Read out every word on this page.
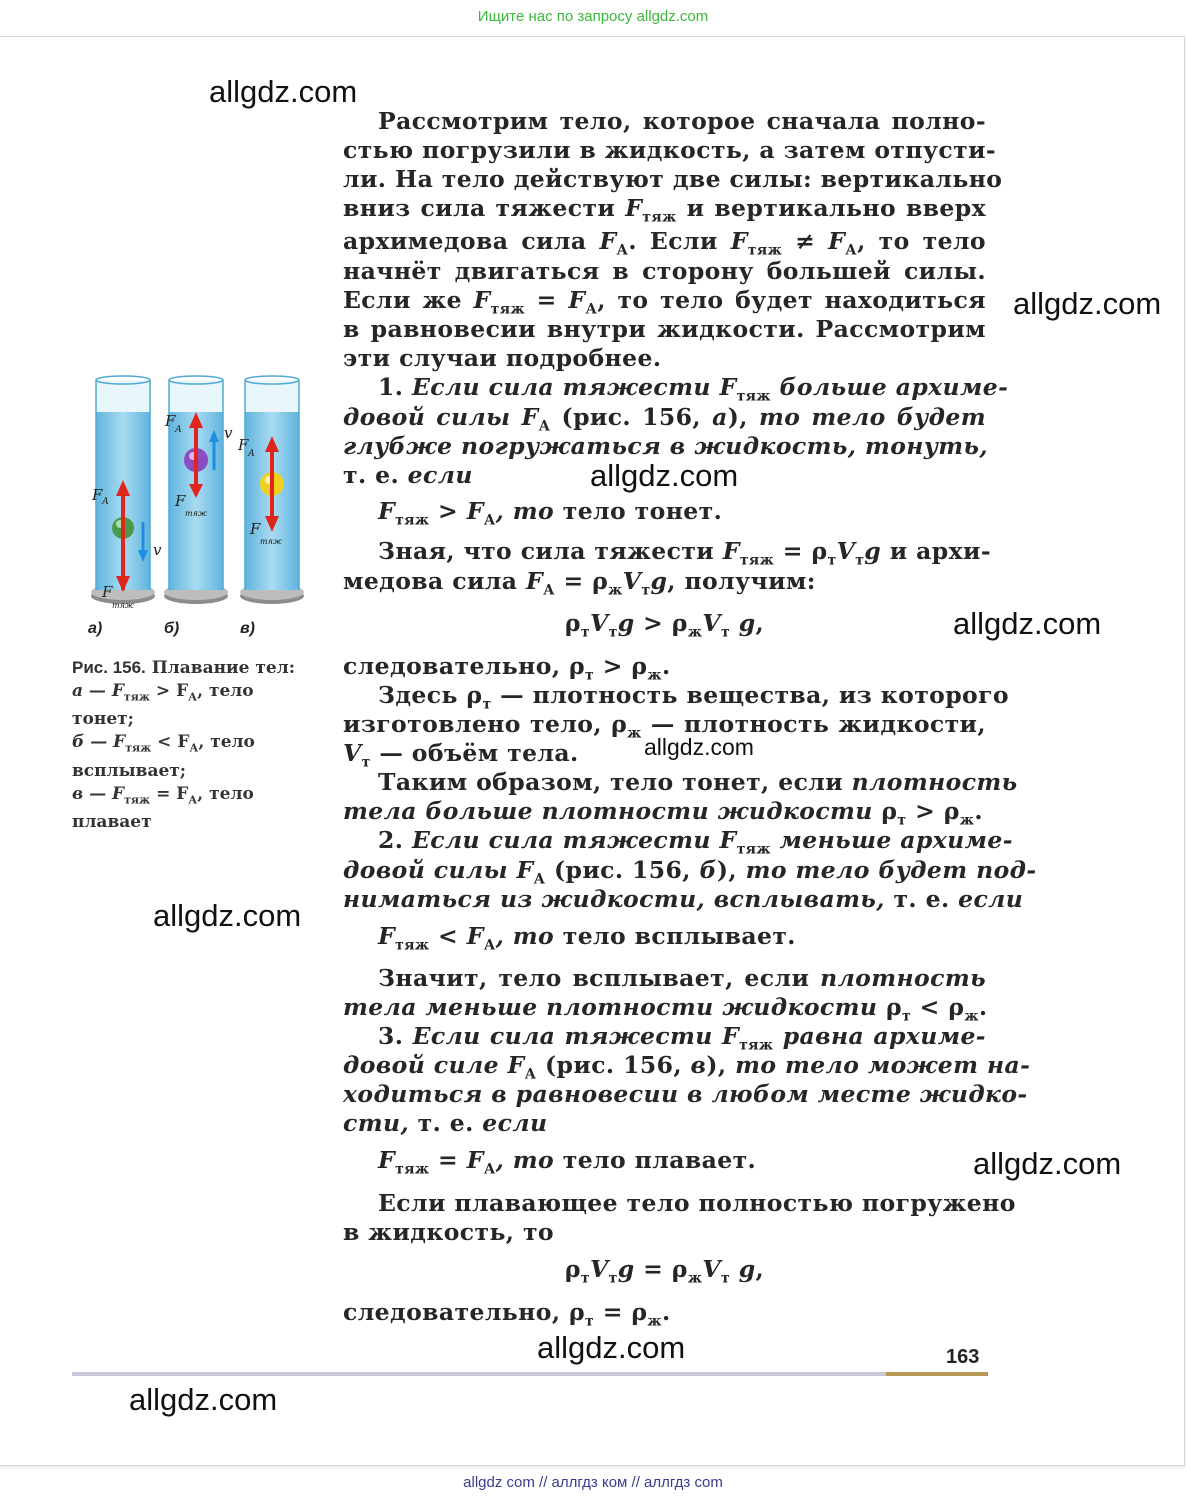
Ищите нас по запросу allgdz.com
Рассмотрим тело, которое сначала полно-
стью погрузили в жидкость, а затем отпусти-
ли. На тело действуют две силы: вертикально
вниз сила тяжести $F_{тяж}$ и вертикально вверх
архимедова сила $F_А$. Если $F_{тяж} \ne F_А$, то тело
начнёт двигаться в сторону большей силы.
Если же $F_{тяж} = F_А$, то тело будет находиться
в равновесии внутри жидкости. Рассмотрим
эти случаи подробнее.
1. Если сила тяжести $F_{тяж}$ больше архиме-
довой силы $F_А$ (рис. 156, а), то тело будет
глубже погружаться в жидкость, тонуть,
т. е. если
$F_{тяж} > F_А$, то тело тонет.
Зная, что сила тяжести $F_{тяж} = \rho_тV_тg$ и архи-
медова сила $F_А = \rho_жV_тg$, получим:
$\rho_тV_тg > \rho_жV_т$ g,
следовательно, $\rho_т > \rho_ж$.
Здесь $\rho_т$ — плотность вещества, из которого
изготовлено тело, $\rho_ж$ — плотность жидкости,
$V_т$ — объём тела.
Таким образом, тело тонет, если плотность
тела больше плотности жидкости $\rho_т > \rho_ж$.
2. Если сила тяжести $F_{тяж}$ меньше архиме-
довой силы $F_А$ (рис. 156, б), то тело будет под-
ниматься из жидкости, всплывать, т. е. если
$F_{тяж} < F_А$, то тело всплывает.
Значит, тело всплывает, если плотность
тела меньше плотности жидкости $\rho_т < \rho_ж$.
3. Если сила тяжести $F_{тяж}$ равна архиме-
довой силе $F_А$ (рис. 156, в), то тело может на-
ходиться в равновесии в любом месте жидко-
сти, т. е. если
$F_{тяж} = F_А$, то тело плавает.
Если плавающее тело полностью погружено
в жидкость, то
$\rho_тV_тg = \rho_жV_т$ g,
следовательно, $\rho_т = \rho_ж$.
F А
F
тяж
v
F А
F
тяж
v
F А
F
тяж
а)	б)	в)
Рис. 156. Плавание тел:
а — $F_{тяж} > F_А$, тело
тонет;
б — $F_{тяж} < F_А$, тело
всплывает;
в — $F_{тяж} = F_А$, тело
плавает
163
allgdz.com
allgdz.com
allgdz.com
allgdz.com
allgdz.com
allgdz.com
allgdz.com
allgdz.com
allgdz.com
allgdz com // аллгдз ком // аллгдз com
